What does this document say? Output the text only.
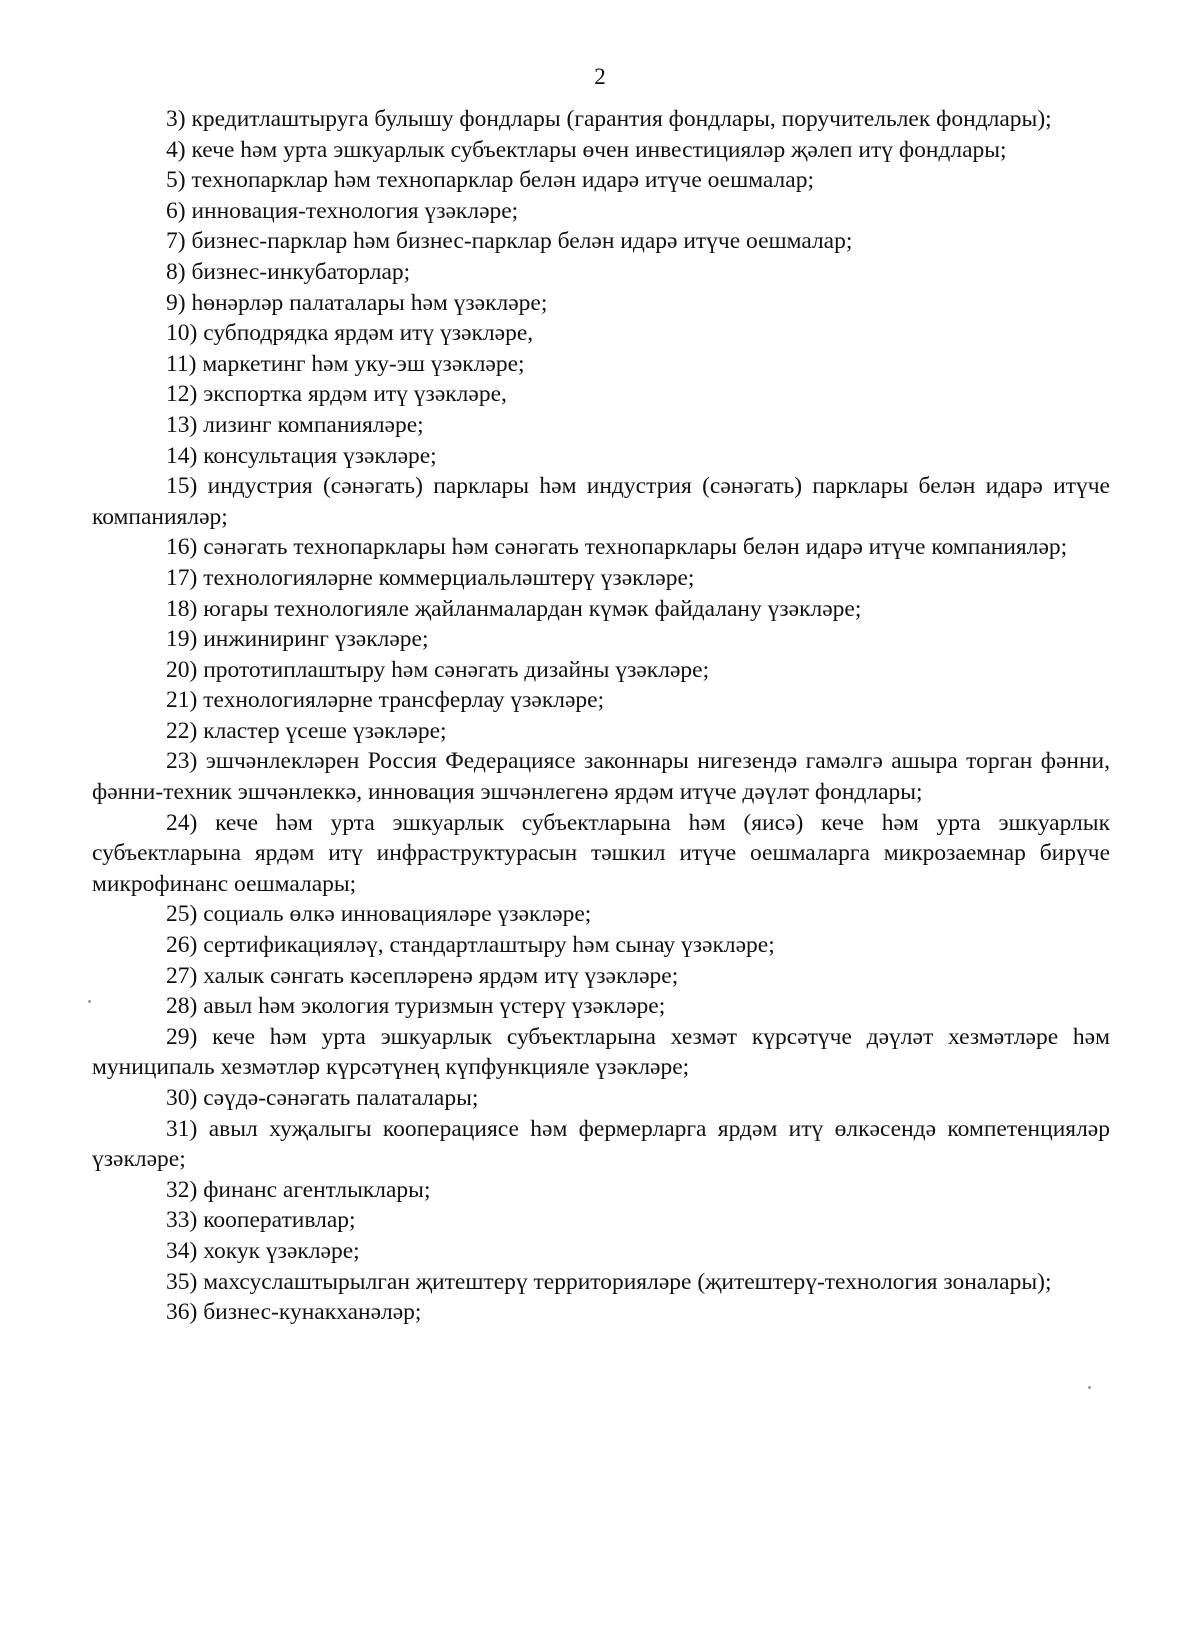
2

3) кредитлаштыруга булышу фондлары (гарантия фондлары, поручительлек фондлары);

4) кече һәм урта эшкуарлык субъектлары өчен инвестицияләр җәлеп итү фондлары;

5) технопарклар һәм технопарклар белән идарә итүче оешмалар;

6) инновация-технология үзәкләре;

7) бизнес-парклар һәм бизнес-парклар белән идарә итүче оешмалар;

8) бизнес-инкубаторлар;

9) һөнәрләр палаталары һәм үзәкләре;

10) субподрядка ярдәм итү үзәкләре,

11) маркетинг һәм уку-эш үзәкләре;

12) экспортка ярдәм итү үзәкләре,

13) лизинг компанияләре;

14) консультация үзәкләре;

15) индустрия (сәнәгать) парклары һәм индустрия (сәнәгать) парклары белән идарә итүче компанияләр;

16) сәнәгать технопарклары һәм сәнәгать технопарклары белән идарә итүче компанияләр;

17) технологияләрне коммерциальләштерү үзәкләре;

18) югары технологияле җайланмалардан күмәк файдалану үзәкләре;

19) инжиниринг үзәкләре;

20) прототиплаштыру һәм сәнәгать дизайны үзәкләре;

21) технологияләрне трансферлау үзәкләре;

22) кластер үсеше үзәкләре;

23) эшчәнлекләрен Россия Федерациясе законнары нигезендә гамәлгә ашыра торган фәнни, фәнни-техник эшчәнлеккә, инновация эшчәнлегенә ярдәм итүче дәүләт фондлары;

24) кече һәм урта эшкуарлык субъектларына һәм (яисә) кече һәм урта эшкуарлык субъектларына ярдәм итү инфраструктурасын тәшкил итүче оешмаларга микрозаемнар бирүче микрофинанс оешмалары;

25) социаль өлкә инновацияләре үзәкләре;

26) сертификацияләү, стандартлаштыру һәм сынау үзәкләре;

27) халык сәнгать кәсепләренә ярдәм итү үзәкләре;

28) авыл һәм экология туризмын үстерү үзәкләре;

29) кече һәм урта эшкуарлык субъектларына хезмәт күрсәтүче дәүләт хезмәтләре һәм муниципаль хезмәтләр күрсәтүнең күпфункцияле үзәкләре;

30) сәүдә-сәнәгать палаталары;

31) авыл хуҗалыгы кооперациясе һәм фермерларга ярдәм итү өлкәсендә компетенцияләр үзәкләре;

32) финанс агентлыклары;

33) кооперативлар;

34) хокук үзәкләре;

35) махсуслаштырылган җитештерү территорияләре (җитештерү-технология зоналары);

36) бизнес-кунакханәләр;
